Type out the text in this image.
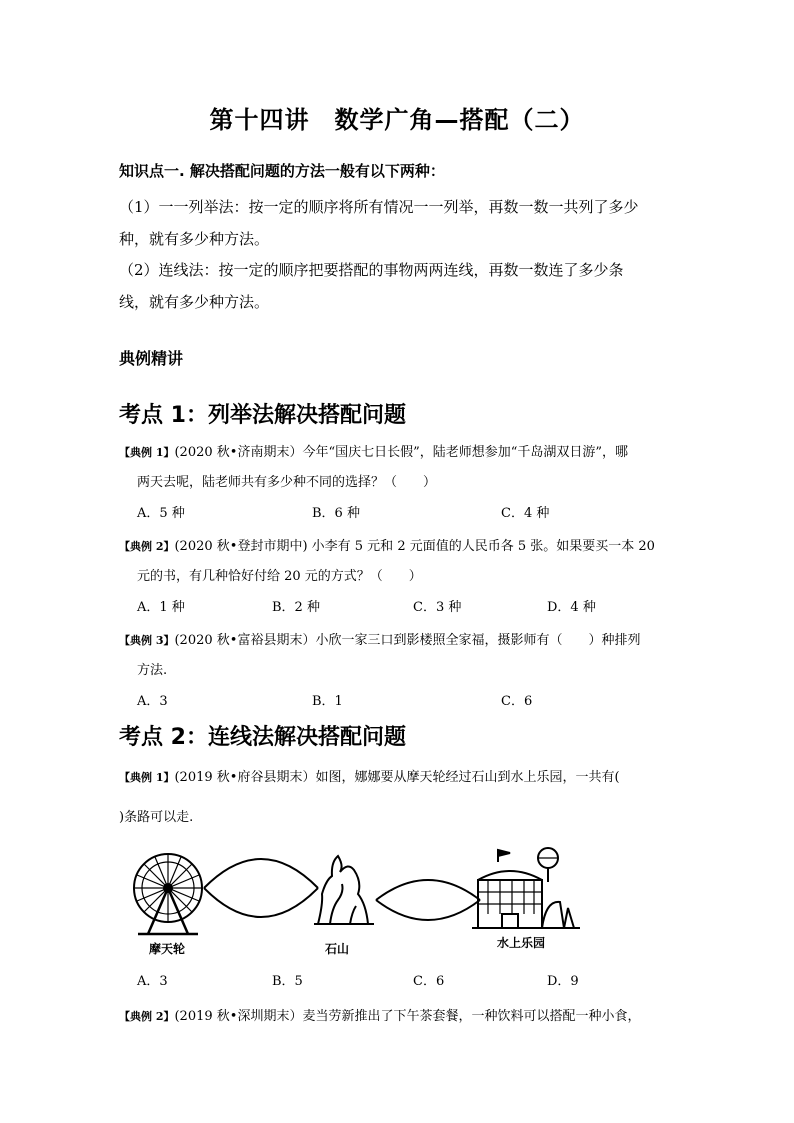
第十四讲　数学广角—搭配（二）
知识点一. 解决搭配问题的方法一般有以下两种：
（1）一一列举法：按一定的顺序将所有情况一一列举，再数一数一共列了多少
种，就有多少种方法。
（2）连线法：按一定的顺序把要搭配的事物两两连线，再数一数连了多少条
线，就有多少种方法。
典例精讲
考点 1：列举法解决搭配问题
【典例 1】(2020 秋•济南期末）今年“国庆七日长假”，陆老师想参加“千岛湖双日游”，哪
两天去呢，陆老师共有多少种不同的选择？（　　）
A．5 种	B．6 种	C．4 种
【典例 2】(2020 秋•登封市期中) 小李有 5 元和 2 元面值的人民币各 5 张。如果要买一本 20
元的书，有几种恰好付给 20 元的方式？（　　）
A．1 种	B．2 种	C．3 种	D．4 种
【典例 3】(2020 秋•富裕县期末）小欣一家三口到影楼照全家福，摄影师有（　　）种排列
方法.
A．3	B．1	C．6
考点 2：连线法解决搭配问题
【典例 1】(2019 秋•府谷县期末）如图，娜娜要从摩天轮经过石山到水上乐园，一共有(
)条路可以走.
摩天轮	石山	水上乐园
A．3	B．5	C．6	D．9
【典例 2】(2019 秋•深圳期末）麦当劳新推出了下午茶套餐，一种饮料可以搭配一种小食，
